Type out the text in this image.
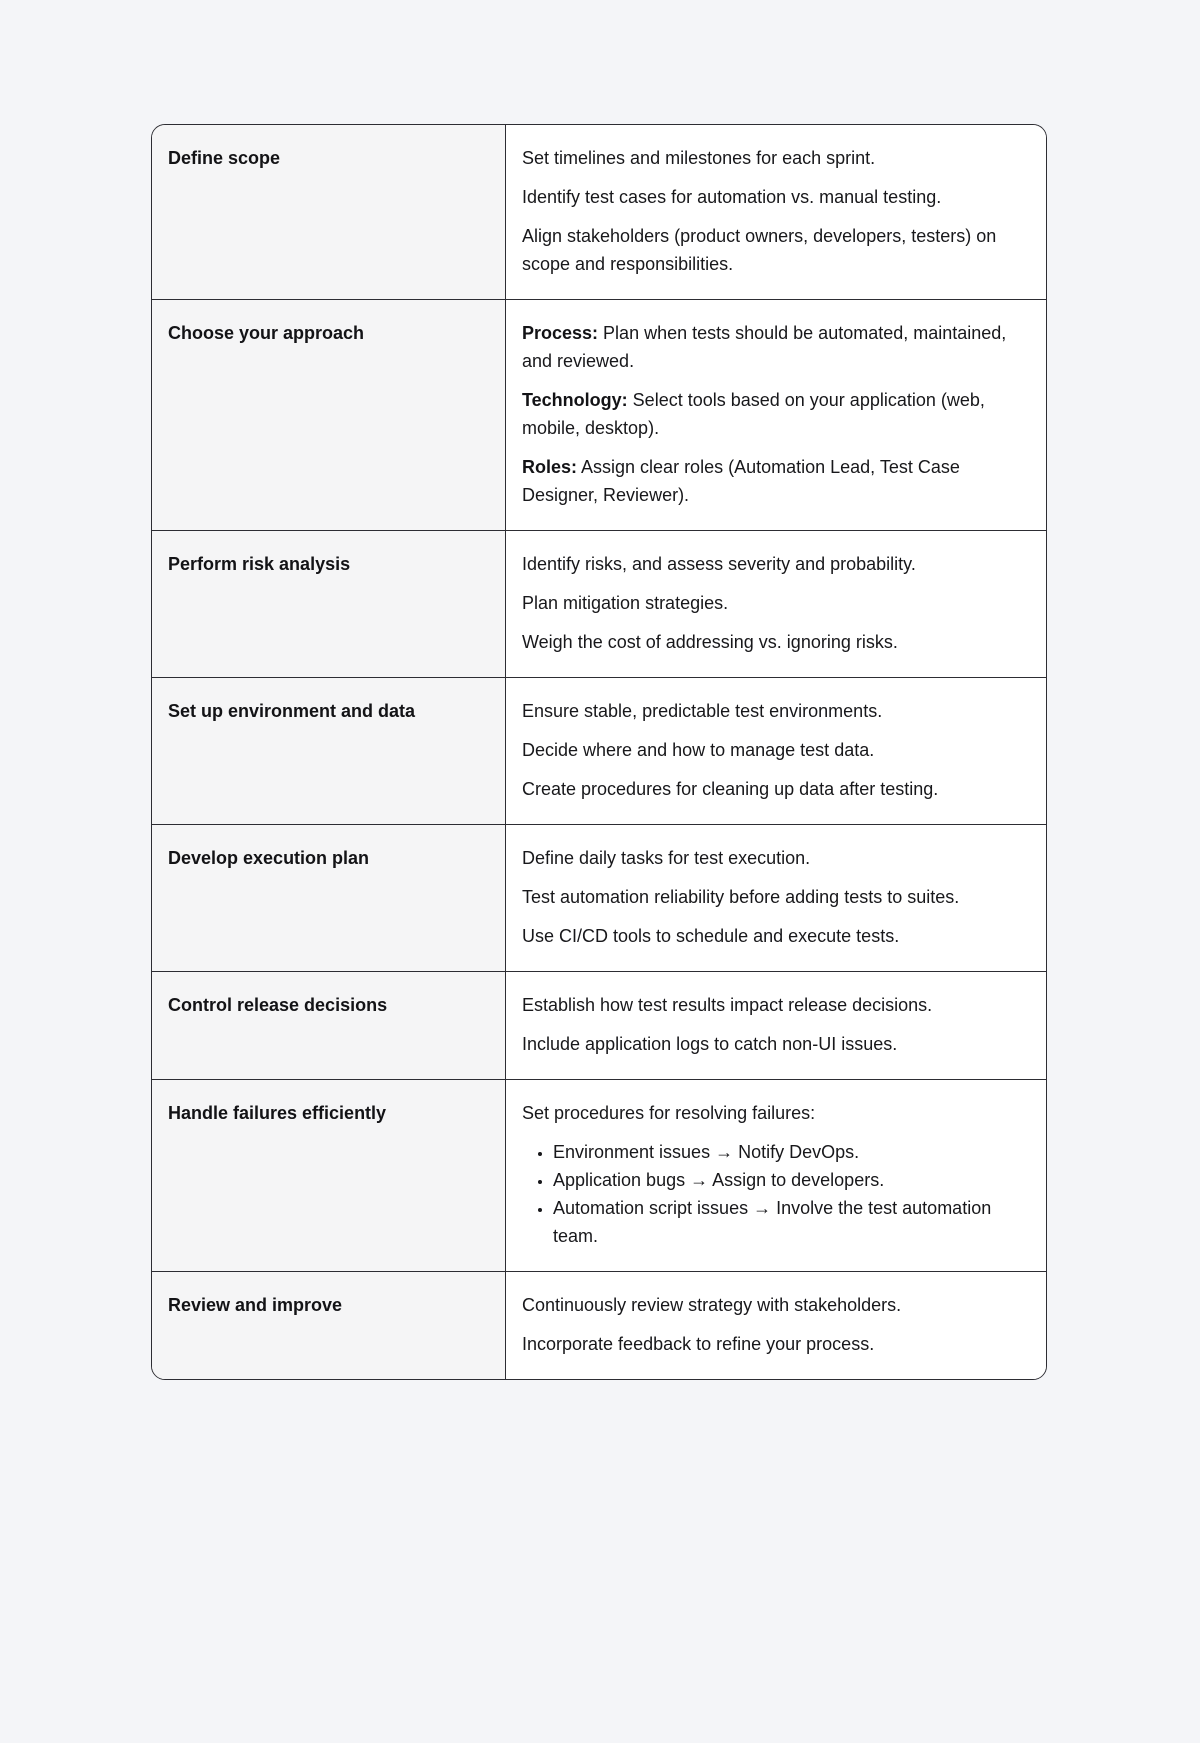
Define scope	Set timelines and milestones for each sprint.

Identify test cases for automation vs. manual testing.

Align stakeholders (product owners, developers, testers) on scope and responsibilities.

Choose your approach	Process: Plan when tests should be automated, maintained, and reviewed.

Technology: Select tools based on your application (web, mobile, desktop).

Roles: Assign clear roles (Automation Lead, Test Case Designer, Reviewer).

Perform risk analysis	Identify risks, and assess severity and probability.

Plan mitigation strategies.

Weigh the cost of addressing vs. ignoring risks.

Set up environment and data	Ensure stable, predictable test environments.

Decide where and how to manage test data.

Create procedures for cleaning up data after testing.

Develop execution plan	Define daily tasks for test execution.

Test automation reliability before adding tests to suites.

Use CI/CD tools to schedule and execute tests.

Control release decisions	Establish how test results impact release decisions.

Include application logs to catch non-UI issues.

Handle failures efficiently	Set procedures for resolving failures:

• Environment issues → Notify DevOps.
• Application bugs → Assign to developers.
• Automation script issues → Involve the test automation team.
Review and improve	Continuously review strategy with stakeholders.

Incorporate feedback to refine your process.
